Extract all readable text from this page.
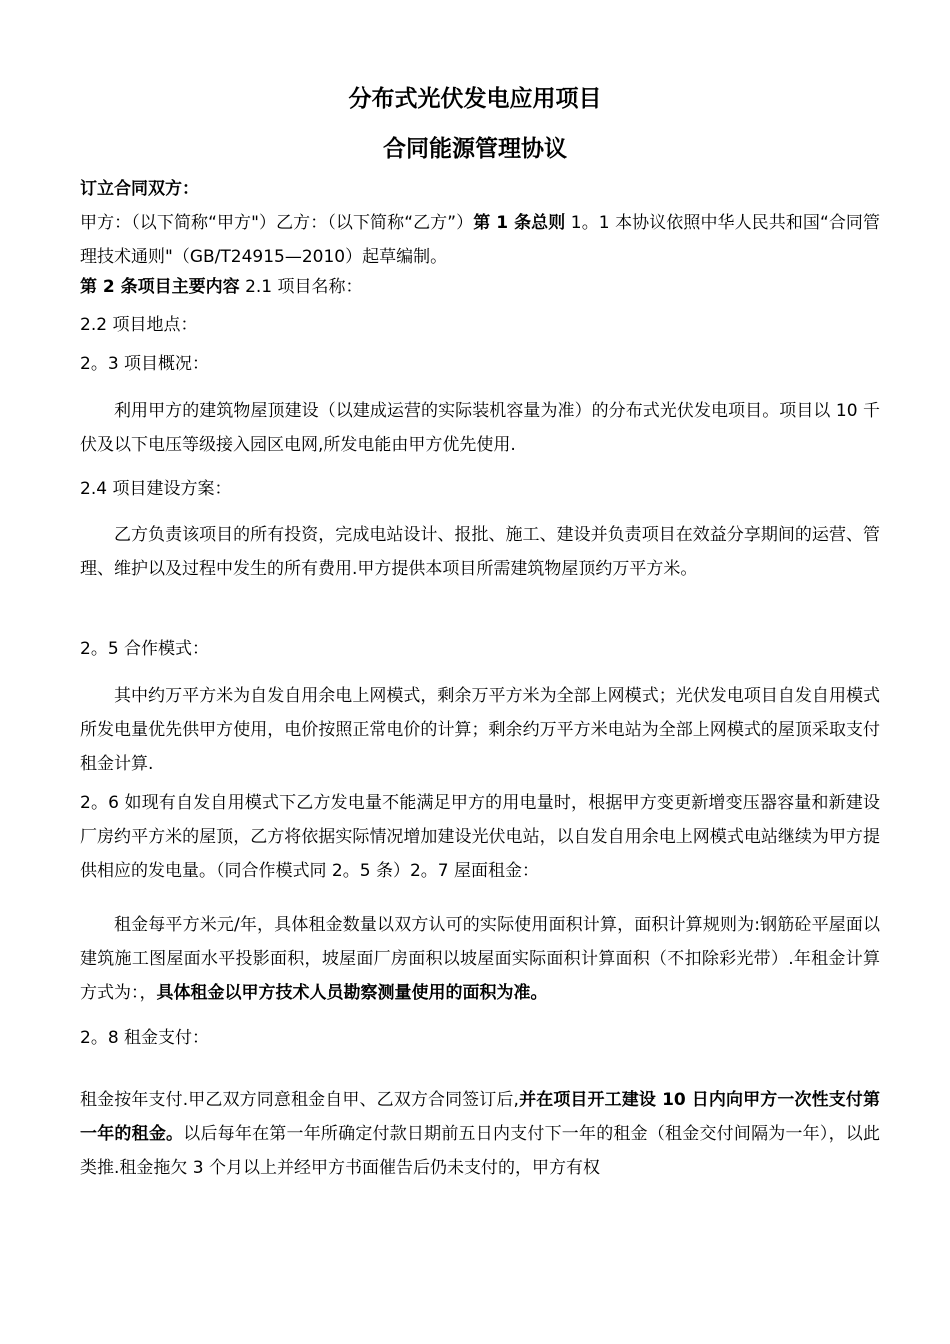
分布式光伏发电应用项目
合同能源管理协议

订立合同双方：

甲方：（以下简称“甲方"）乙方：（以下简称“乙方”）第 1 条总则 1。1 本协议依照中华人民共和国“合同管理技术通则"（GB/T24915—2010）起草编制。

第 2 条项目主要内容 2.1 项目名称：

2.2 项目地点：

2。3 项目概况：

利用甲方的建筑物屋顶建设（以建成运营的实际装机容量为准）的分布式光伏发电项目。项目以 10 千伏及以下电压等级接入园区电网,所发电能由甲方优先使用.

2.4 项目建设方案：

乙方负责该项目的所有投资，完成电站设计、报批、施工、建设并负责项目在效益分享期间的运营、管理、维护以及过程中发生的所有费用.甲方提供本项目所需建筑物屋顶约万平方米。

2。5 合作模式：

其中约万平方米为自发自用余电上网模式，剩余万平方米为全部上网模式；光伏发电项目自发自用模式所发电量优先供甲方使用，电价按照正常电价的计算；剩余约万平方米电站为全部上网模式的屋顶采取支付租金计算.

2。6 如现有自发自用模式下乙方发电量不能满足甲方的用电量时，根据甲方变更新增变压器容量和新建设厂房约平方米的屋顶，乙方将依据实际情况增加建设光伏电站，以自发自用余电上网模式电站继续为甲方提供相应的发电量。（同合作模式同 2。5 条）2。7 屋面租金：

租金每平方米元/年，具体租金数量以双方认可的实际使用面积计算，面积计算规则为:钢筋砼平屋面以建筑施工图屋面水平投影面积，坡屋面厂房面积以坡屋面实际面积计算面积（不扣除彩光带）.年租金计算方式为：，具体租金以甲方技术人员勘察测量使用的面积为准。

2。8 租金支付：

租金按年支付.甲乙双方同意租金自甲、乙双方合同签订后,并在项目开工建设 10 日内向甲方一次性支付第一年的租金。以后每年在第一年所确定付款日期前五日内支付下一年的租金（租金交付间隔为一年），以此类推.租金拖欠 3 个月以上并经甲方书面催告后仍未支付的，甲方有权
